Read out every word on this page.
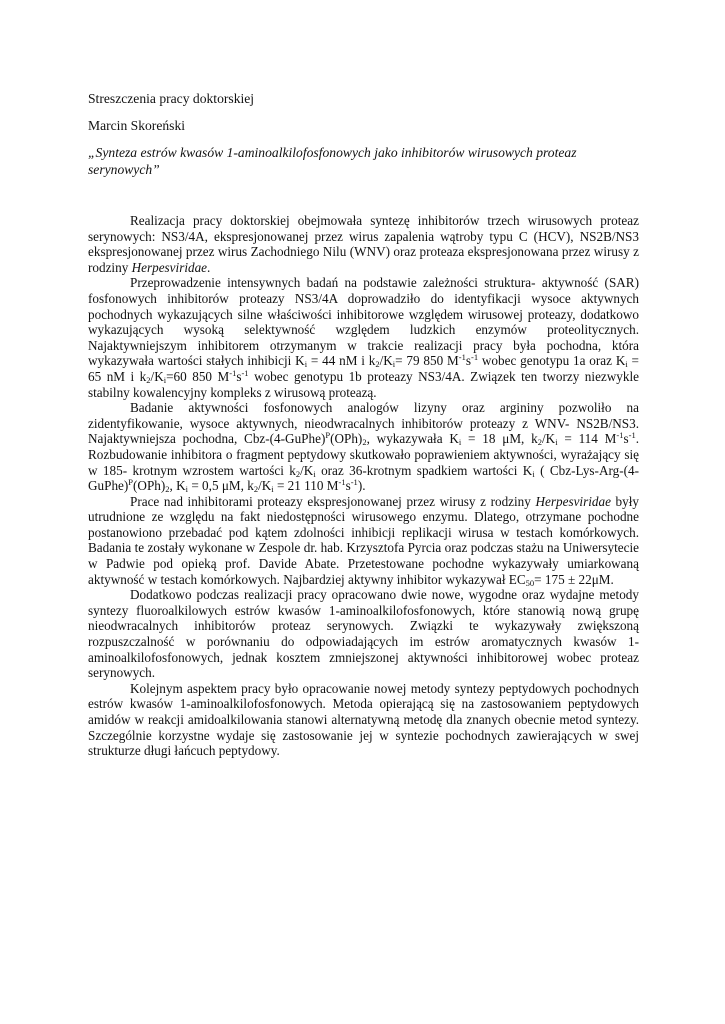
Streszczenia pracy doktorskiej

Marcin Skoreński

„Synteza estrów kwasów 1-aminoalkilofosfonowych jako inhibitorów wirusowych proteaz serynowych”

Realizacja pracy doktorskiej obejmowała syntezę inhibitorów trzech wirusowych proteaz serynowych: NS3/4A, ekspresjonowanej przez wirus zapalenia wątroby typu C (HCV), NS2B/NS3 ekspresjonowanej przez wirus Zachodniego Nilu (WNV) oraz proteaza ekspresjonowana przez wirusy z rodziny Herpesviridae.

Przeprowadzenie intensywnych badań na podstawie zależności struktura- aktywność (SAR) fosfonowych inhibitorów proteazy NS3/4A doprowadziło do identyfikacji wysoce aktywnych pochodnych wykazujących silne właściwości inhibitorowe względem wirusowej proteazy, dodatkowo wykazujących wysoką selektywność względem ludzkich enzymów proteolitycznych. Najaktywniejszym inhibitorem otrzymanym w trakcie realizacji pracy była pochodna, która wykazywała wartości stałych inhibicji $K_i = 44$ nM i $k_2/K_i= 79$ 850 $M^{-1}s^{-1}$ wobec genotypu 1a oraz $K_i = 65$ nM i $k_2/K_i=60$ 850 $M^{-1}s^{-1}$ wobec genotypu 1b proteazy NS3/4A. Związek ten tworzy niezwykle stabilny kowalencyjny kompleks z wirusową proteazą.

Badanie aktywności fosfonowych analogów lizyny oraz argininy pozwoliło na zidentyfikowanie, wysoce aktywnych, nieodwracalnych inhibitorów proteazy z WNV- NS2B/NS3. Najaktywniejsza pochodna, Cbz-$(4-GuPhe)^P(OPh)_2$, wykazywała $K_i = 18$ μM, $k_2/K_i = 114$ $M^{-1}s^{-1}$. Rozbudowanie inhibitora o fragment peptydowy skutkowało poprawieniem aktywności, wyrażający się w 185- krotnym wzrostem wartości $k_2/K_i$ oraz 36-krotnym spadkiem wartości $K_i$ ( Cbz-$Lys-Arg-(4-GuPhe)^P(OPh)_2$, $K_i = 0,5$ μM, $k_2/K_i = 21$ 110 $M^{-1}s^{-1}$).

Prace nad inhibitorami proteazy ekspresjonowanej przez wirusy z rodziny Herpesviridae były utrudnione ze względu na fakt niedostępności wirusowego enzymu. Dlatego, otrzymane pochodne postanowiono przebadać pod kątem zdolności inhibicji replikacji wirusa w testach komórkowych. Badania te zostały wykonane w Zespole dr. hab. Krzysztofa Pyrcia oraz podczas stażu na Uniwersytecie w Padwie pod opieką prof. Davide Abate. Przetestowane pochodne wykazywały umiarkowaną aktywność w testach komórkowych. Najbardziej aktywny inhibitor wykazywał $EC_{50}= 175 \pm 22\mu M$.

Dodatkowo podczas realizacji pracy opracowano dwie nowe, wygodne oraz wydajne metody syntezy fluoroalkilowych estrów kwasów 1-aminoalkilofosfonowych, które stanowią nową grupę nieodwracalnych inhibitorów proteaz serynowych. Związki te wykazywały zwiększoną rozpuszczalność w porównaniu do odpowiadających im estrów aromatycznych kwasów 1-aminoalkilofosfonowych, jednak kosztem zmniejszonej aktywności inhibitorowej wobec proteaz serynowych.

Kolejnym aspektem pracy było opracowanie nowej metody syntezy peptydowych pochodnych estrów kwasów 1-aminoalkilofosfonowych. Metoda opierającą się na zastosowaniem peptydowych amidów w reakcji amidoalkilowania stanowi alternatywną metodę dla znanych obecnie metod syntezy. Szczególnie korzystne wydaje się zastosowanie jej w syntezie pochodnych zawierających w swej strukturze długi łańcuch peptydowy.
